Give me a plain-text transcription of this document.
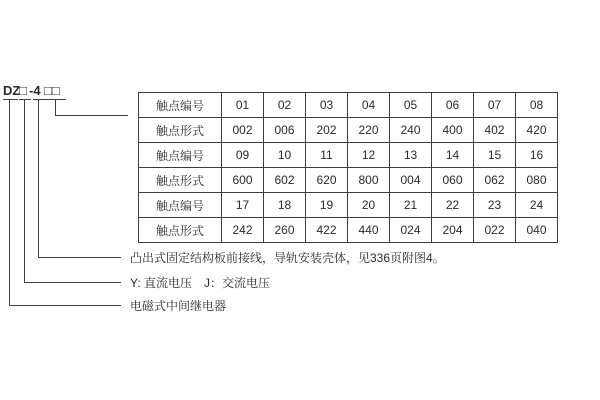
DZ
□ -4 □□
触点编号	01	02	03	04	05	06	07	08
触点形式	002	006	202	220	240	400	402	420
触点编号	09	10	11	12	13	14	15	16
触点形式	600	602	620	800	004	060	062	080
触点编号	17	18	19	20	21	22	23	24
触点形式	242	260	422	440	024	204	022	040
凸出式固定结构板前接线，导轨安装壳体，见336页附图4。
Y: 直流电压　J：交流电压
电磁式中间继电器
